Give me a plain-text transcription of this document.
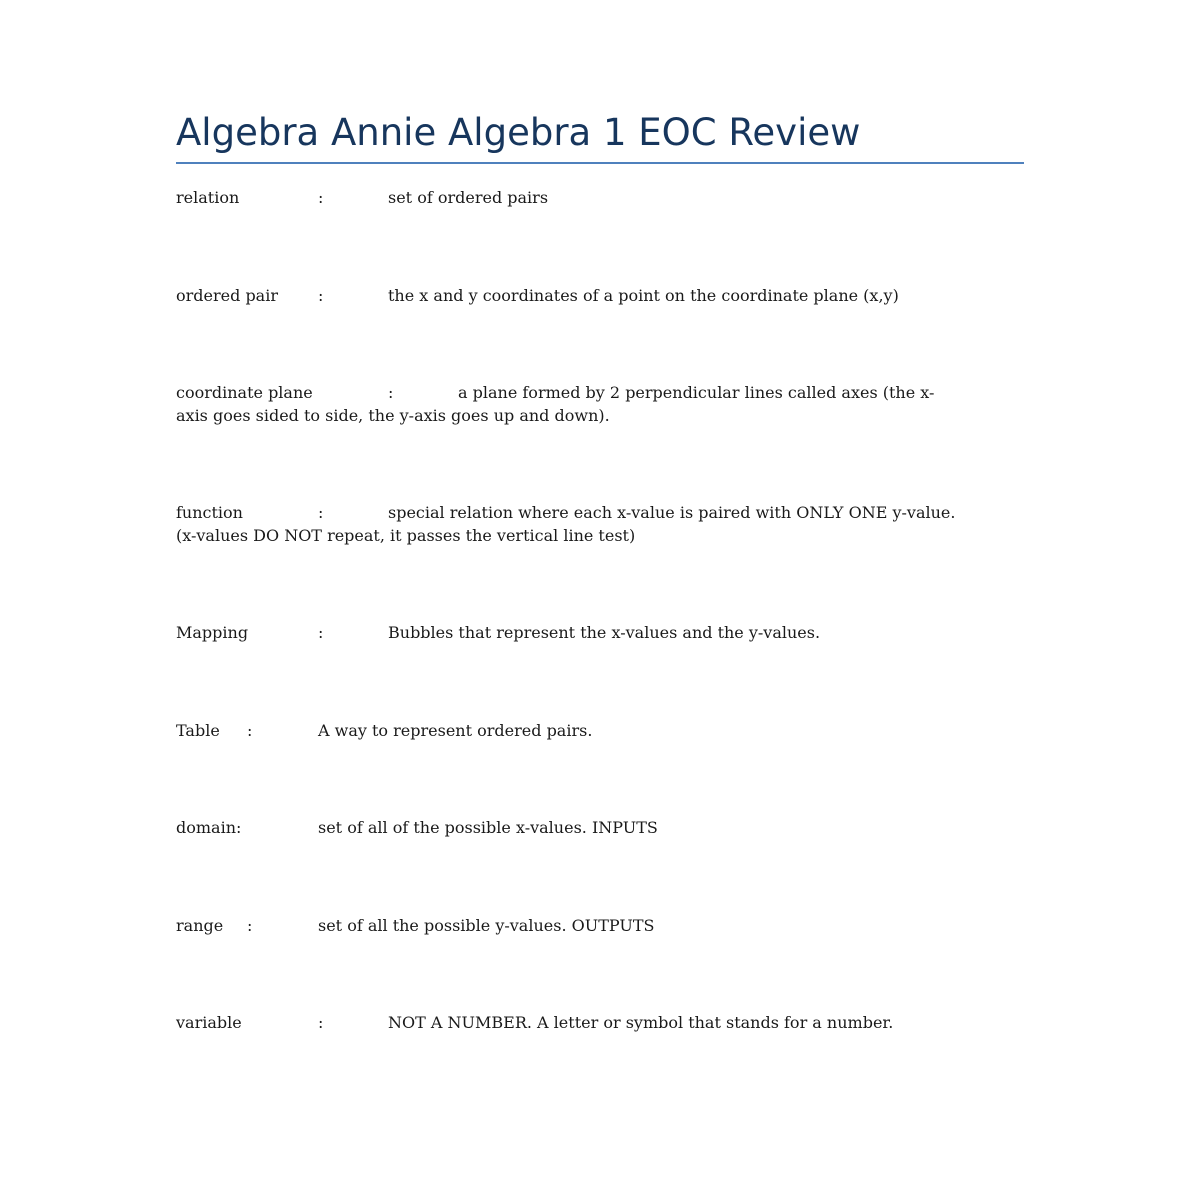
Algebra Annie Algebra 1 EOC Review
relation	:	set of ordered pairs
ordered pair	:	the x and y coordinates of a point on the coordinate plane (x,y)
coordinate plane	:	a plane formed by 2 perpendicular lines called axes (the x-
axis goes sided to side, the y-axis goes up and down).
function	:	special relation where each x-value is paired with ONLY ONE y-value.
(x-values DO NOT repeat, it passes the vertical line test)
Mapping	:	Bubbles that represent the x-values and the y-values.
Table :	A way to represent ordered pairs.
domain:	set of all of the possible x-values. INPUTS
range :	set of all the possible y-values. OUTPUTS
variable	:	NOT A NUMBER. A letter or symbol that stands for a number.
